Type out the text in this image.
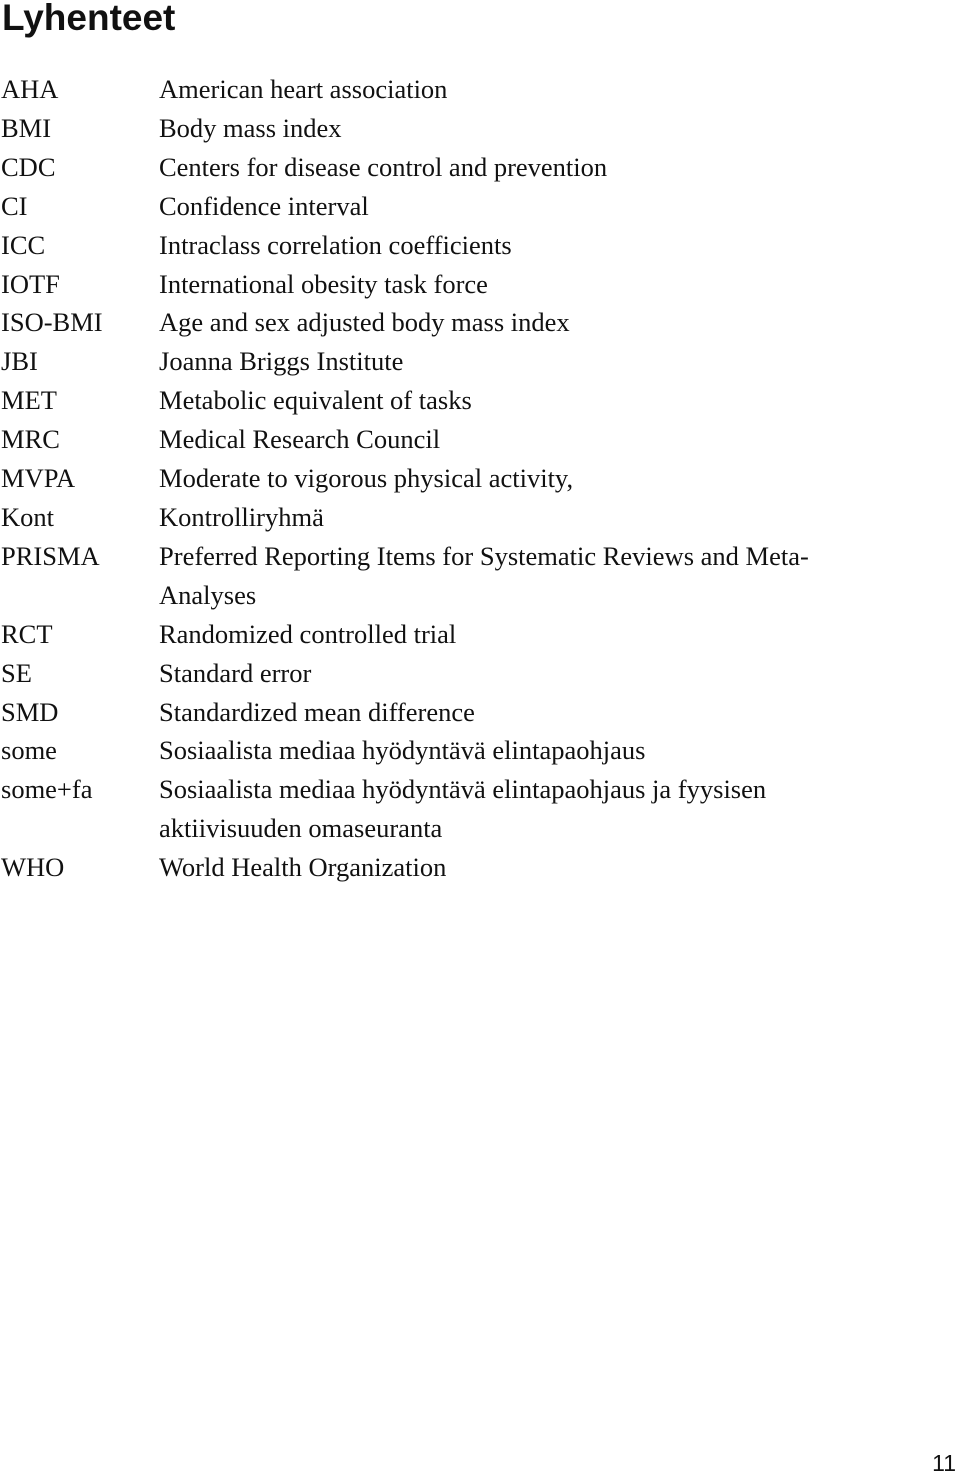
Lyhenteet
AHA	American heart association
BMI	Body mass index
CDC	Centers for disease control and prevention
CI	Confidence interval
ICC	Intraclass correlation coefficients
IOTF	International obesity task force
ISO-BMI	Age and sex adjusted body mass index
JBI	Joanna Briggs Institute
MET	Metabolic equivalent of tasks
MRC	Medical Research Council
MVPA	Moderate to vigorous physical activity,
Kont	Kontrolliryhmä
PRISMA	Preferred Reporting Items for Systematic Reviews and Meta-
Analyses
RCT	Randomized controlled trial
SE	Standard error
SMD	Standardized mean difference
some	Sosiaalista mediaa hyödyntävä elintapaohjaus
some+fa	Sosiaalista mediaa hyödyntävä elintapaohjaus ja fyysisen
aktiivisuuden omaseuranta
WHO	World Health Organization
11
